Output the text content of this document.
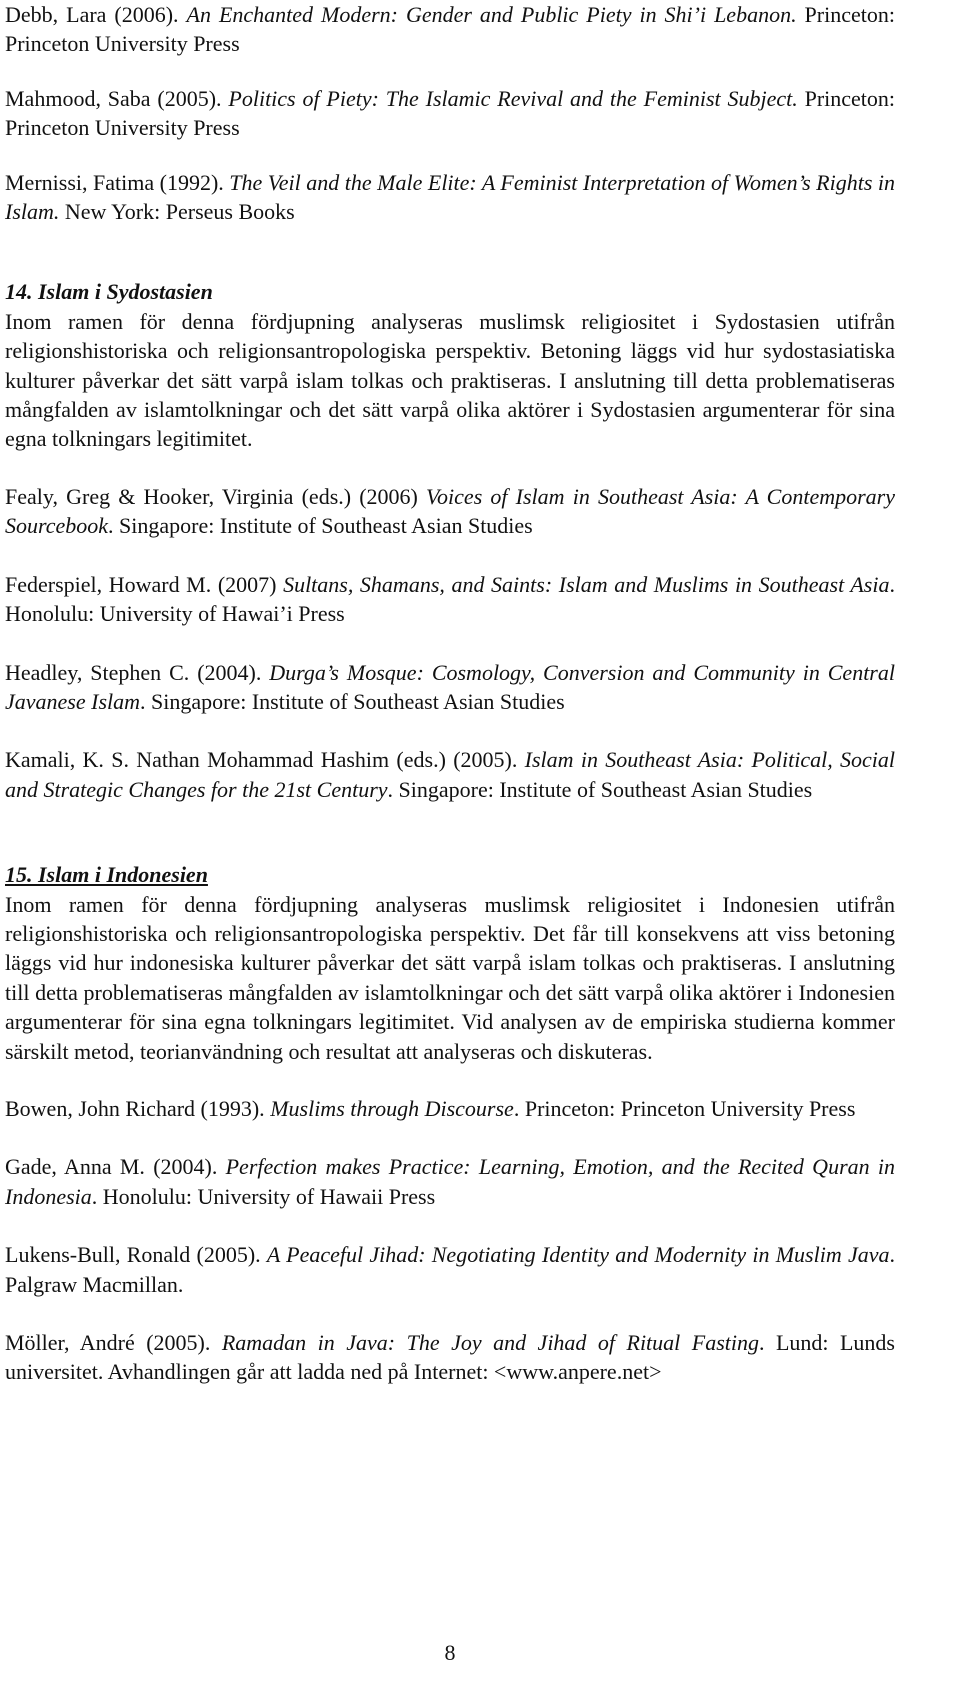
Debb, Lara (2006). An Enchanted Modern: Gender and Public Piety in Shi’i Lebanon. Princeton: Princeton University Press

Mahmood, Saba (2005). Politics of Piety: The Islamic Revival and the Feminist Subject. Princeton: Princeton University Press

Mernissi, Fatima (1992). The Veil and the Male Elite: A Feminist Interpretation of Women’s Rights in Islam. New York: Perseus Books

14. Islam i Sydostasien

Inom ramen för denna fördjupning analyseras muslimsk religiositet i Sydostasien utifrån religionshistoriska och religionsantropologiska perspektiv. Betoning läggs vid hur sydostasiatiska kulturer påverkar det sätt varpå islam tolkas och praktiseras. I anslutning till detta problematiseras mångfalden av islamtolkningar och det sätt varpå olika aktörer i Sydostasien argumenterar för sina egna tolkningars legitimitet.

Fealy, Greg & Hooker, Virginia (eds.) (2006) Voices of Islam in Southeast Asia: A Contemporary Sourcebook. Singapore: Institute of Southeast Asian Studies

Federspiel, Howard M. (2007) Sultans, Shamans, and Saints: Islam and Muslims in Southeast Asia. Honolulu: University of Hawai’i Press

Headley, Stephen C. (2004). Durga’s Mosque: Cosmology, Conversion and Community in Central Javanese Islam. Singapore: Institute of Southeast Asian Studies

Kamali, K. S. Nathan Mohammad Hashim (eds.) (2005). Islam in Southeast Asia: Political, Social and Strategic Changes for the 21st Century. Singapore: Institute of Southeast Asian Studies

15. Islam i Indonesien

Inom ramen för denna fördjupning analyseras muslimsk religiositet i Indonesien utifrån religionshistoriska och religionsantropologiska perspektiv. Det får till konsekvens att viss betoning läggs vid hur indonesiska kulturer påverkar det sätt varpå islam tolkas och praktiseras. I anslutning till detta problematiseras mångfalden av islamtolkningar och det sätt varpå olika aktörer i Indonesien argumenterar för sina egna tolkningars legitimitet. Vid analysen av de empiriska studierna kommer särskilt metod, teorianvändning och resultat att analyseras och diskuteras.

Bowen, John Richard (1993). Muslims through Discourse. Princeton: Princeton University Press

Gade, Anna M. (2004). Perfection makes Practice: Learning, Emotion, and the Recited Quran in Indonesia. Honolulu: University of Hawaii Press

Lukens-Bull, Ronald (2005). A Peaceful Jihad: Negotiating Identity and Modernity in Muslim Java. Palgraw Macmillan.

Möller, André (2005). Ramadan in Java: The Joy and Jihad of Ritual Fasting. Lund: Lunds universitet. Avhandlingen går att ladda ned på Internet: <www.anpere.net>

8
